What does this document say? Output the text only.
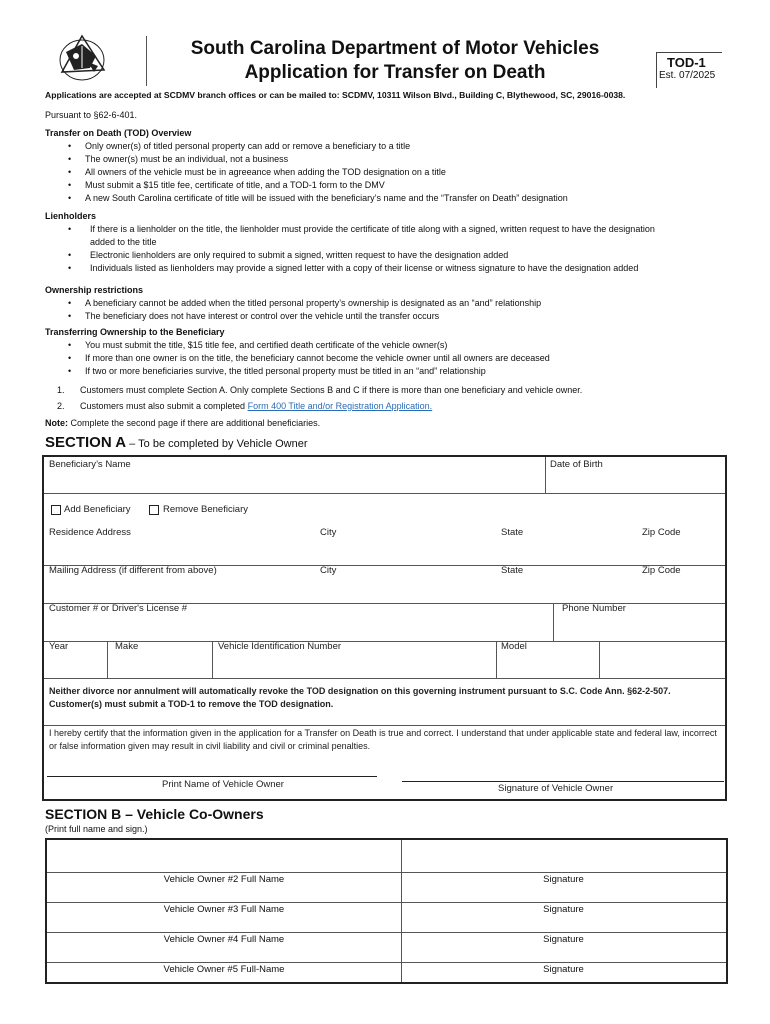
South Carolina Department of Motor Vehicles
Application for Transfer on Death	TOD-1
Est. 07/2025
Applications are accepted at SCDMV branch offices or can be mailed to: SCDMV, 10311 Wilson Blvd., Building C, Blythewood, SC, 29016-0038.
Pursuant to §62-6-401.
Transfer on Death (TOD) Overview
• Only owner(s) of titled personal property can add or remove a beneficiary to a title
• The owner(s) must be an individual, not a business
• All owners of the vehicle must be in agreeance when adding the TOD designation on a title
• Must submit a $15 title fee, certificate of title, and a TOD-1 form to the DMV
• A new South Carolina certificate of title will be issued with the beneficiary’s name and the “Transfer on Death” designation
Lienholders
• If there is a lienholder on the title, the lienholder must provide the certificate of title along with a signed, written request to have the designation added to the title
• Electronic lienholders are only required to submit a signed, written request to have the designation added
• Individuals listed as lienholders may provide a signed letter with a copy of their license or witness signature to have the designation added
Ownership restrictions
• A beneficiary cannot be added when the titled personal property’s ownership is designated as an “and” relationship
• The beneficiary does not have interest or control over the vehicle until the transfer occurs
Transferring Ownership to the Beneficiary
• You must submit the title, $15 title fee, and certified death certificate of the vehicle owner(s)
• If more than one owner is on the title, the beneficiary cannot become the vehicle owner until all owners are deceased
• If two or more beneficiaries survive, the titled personal property must be titled in an “and” relationship
1. Customers must complete Section A. Only complete Sections B and C if there is more than one beneficiary and vehicle owner.
2. Customers must also submit a completed Form 400 Title and/or Registration Application.
Note: Complete the second page if there are additional beneficiaries.
SECTION A – To be completed by Vehicle Owner
Beneficiary’s Name	Date of Birth
Add Beneficiary	Remove Beneficiary
Residence Address	City	State	Zip Code
Mailing Address (if different from above)	City	State	Zip Code
Customer # or Driver's License #	Phone Number
Year	Make	Vehicle Identification Number	Model
Neither divorce nor annulment will automatically revoke the TOD designation on this governing instrument pursuant to S.C. Code Ann. §62-2-507. Customer(s) must submit a TOD-1 to remove the TOD designation.
I hereby certify that the information given in the application for a Transfer on Death is true and correct. I understand that under applicable state and federal law, incorrect or false information given may result in civil liability and civil or criminal penalties.
Print Name of Vehicle Owner	Signature of Vehicle Owner
SECTION B – Vehicle Co-Owners
(Print full name and sign.)
Vehicle Owner #2 Full Name	Signature
Vehicle Owner #3 Full Name	Signature
Vehicle Owner #4 Full Name	Signature
Vehicle Owner #5 Full-Name	Signature
